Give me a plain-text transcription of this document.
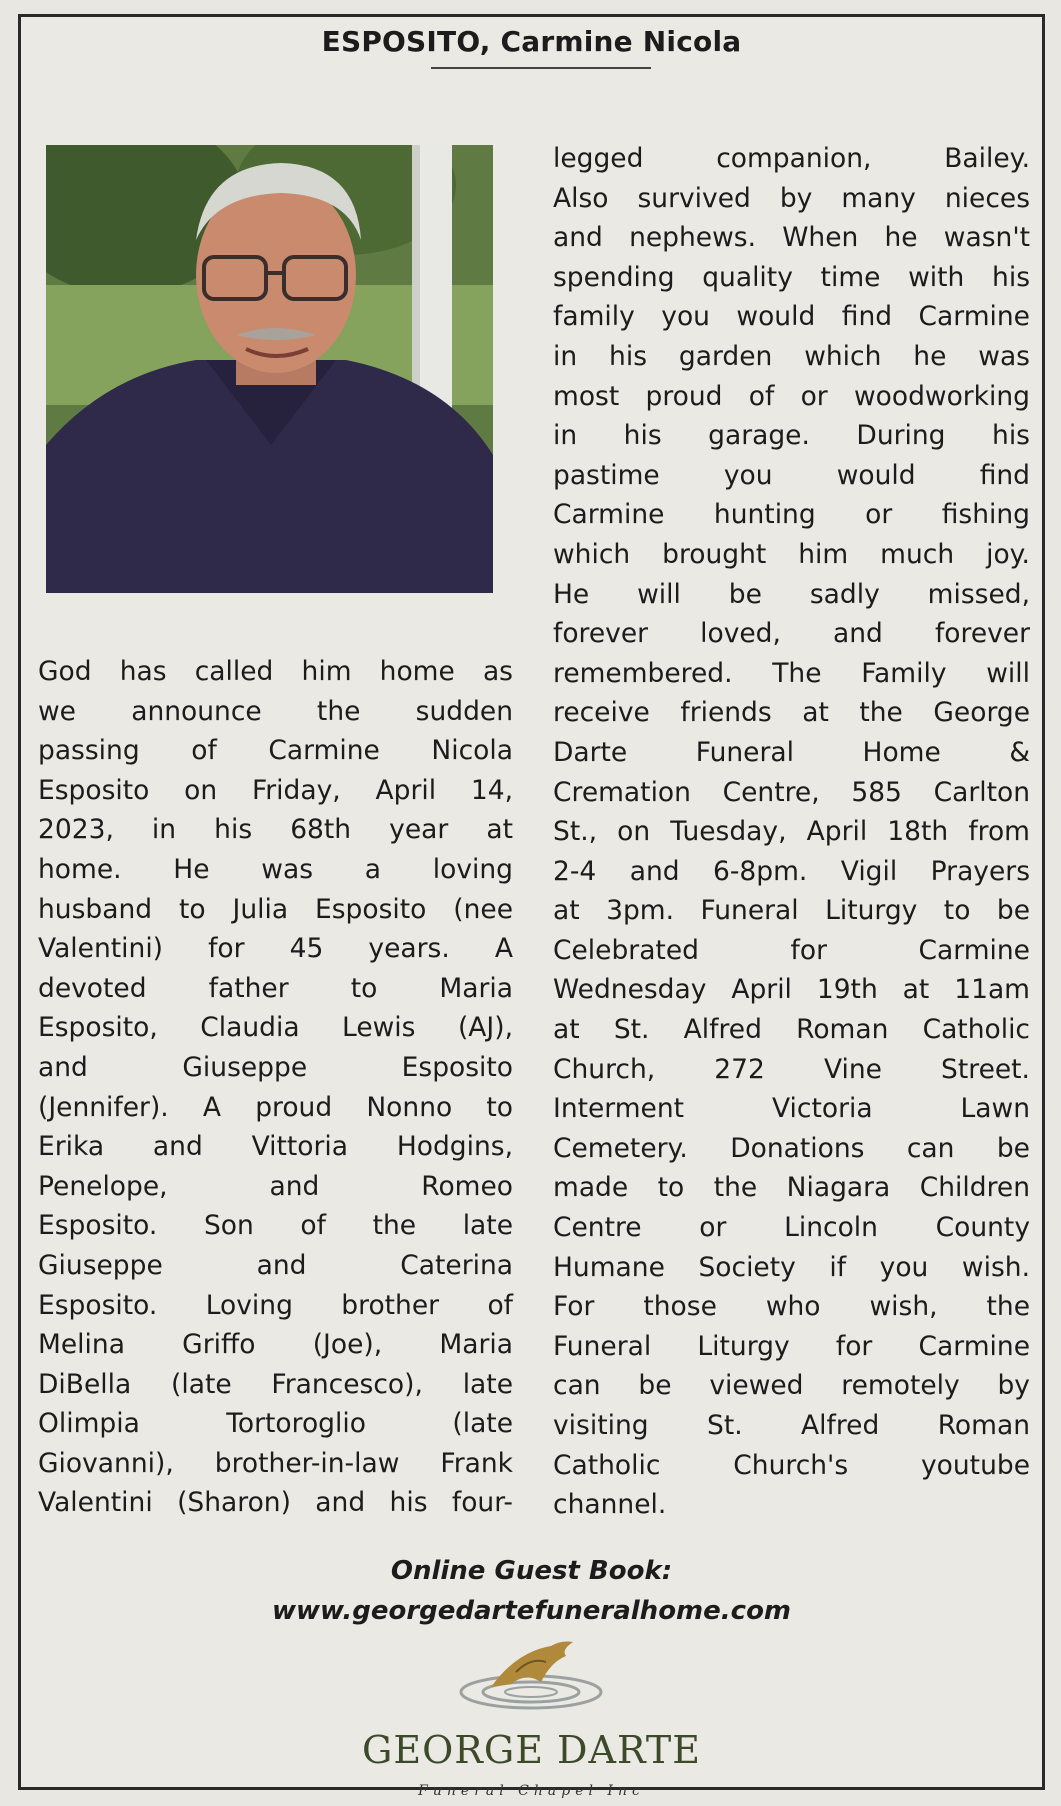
ESPOSITO, Carmine Nicola
God has called him home as
we announce the sudden
passing of Carmine Nicola
Esposito on Friday, April 14,
2023, in his 68th year at
home. He was a loving
husband to Julia Esposito (nee
Valentini) for 45 years. A
devoted father to Maria
Esposito, Claudia Lewis (AJ),
and Giuseppe Esposito
(Jennifer). A proud Nonno to
Erika and Vittoria Hodgins,
Penelope, and Romeo
Esposito. Son of the late
Giuseppe and Caterina
Esposito. Loving brother of
Melina Griffo (Joe), Maria
DiBella (late Francesco), late
Olimpia Tortoroglio (late
Giovanni), brother-in-law Frank
Valentini (Sharon) and his four-
legged companion, Bailey.
Also survived by many nieces
and nephews. When he wasn't
spending quality time with his
family you would find Carmine
in his garden which he was
most proud of or woodworking
in his garage. During his
pastime you would find
Carmine hunting or fishing
which brought him much joy.
He will be sadly missed,
forever loved, and forever
remembered. The Family will
receive friends at the George
Darte Funeral Home &
Cremation Centre, 585 Carlton
St., on Tuesday, April 18th from
2-4 and 6-8pm. Vigil Prayers
at 3pm. Funeral Liturgy to be
Celebrated for Carmine
Wednesday April 19th at 11am
at St. Alfred Roman Catholic
Church, 272 Vine Street.
Interment Victoria Lawn
Cemetery. Donations can be
made to the Niagara Children
Centre or Lincoln County
Humane Society if you wish.
For those who wish, the
Funeral Liturgy for Carmine
can be viewed remotely by
visiting St. Alfred Roman
Catholic Church's youtube
channel.
Online Guest Book:
www.georgedartefuneralhome.com
GEORGE DARTE
Funeral Chapel Inc
